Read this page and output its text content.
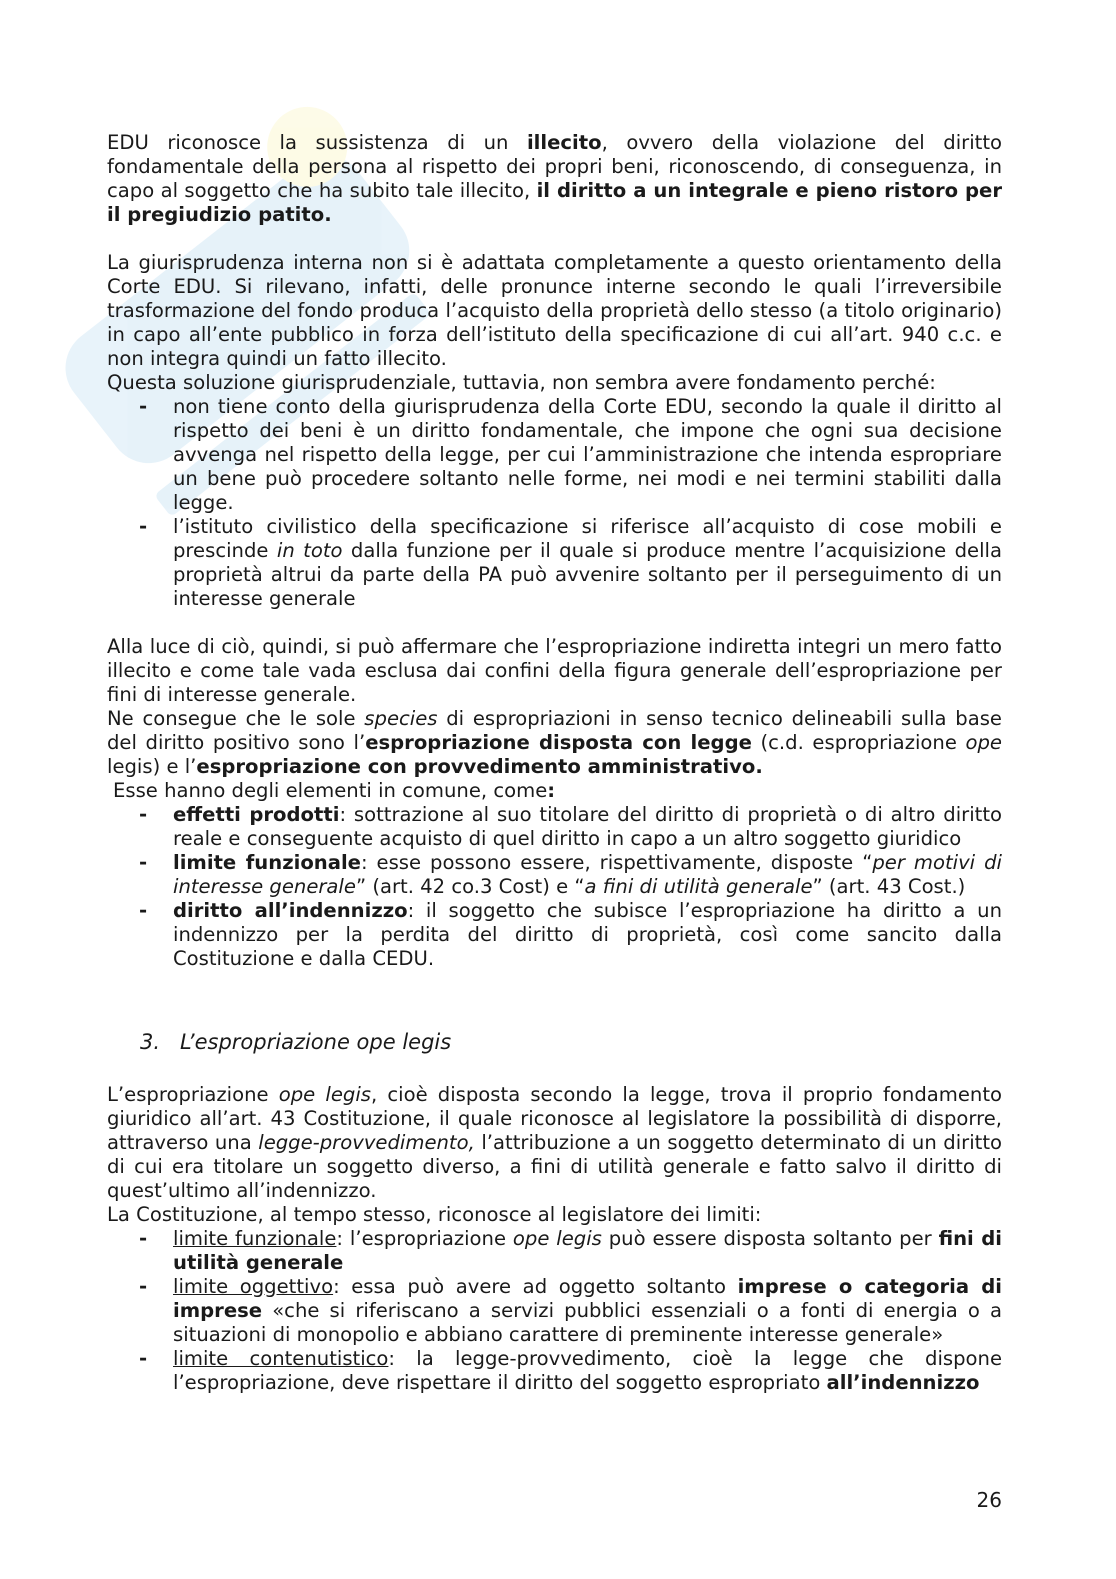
EDU riconosce la sussistenza di un illecito, ovvero della violazione del diritto fondamentale della persona al rispetto dei propri beni, riconoscendo, di conseguenza, in capo al soggetto che ha subito tale illecito, il diritto a un integrale e pieno ristoro per il pregiudizio patito.

La giurisprudenza interna non si è adattata completamente a questo orientamento della Corte EDU. Si rilevano, infatti, delle pronunce interne secondo le quali l’irreversibile trasformazione del fondo produca l’acquisto della proprietà dello stesso (a titolo originario) in capo all’ente pubblico in forza dell’istituto della specificazione di cui all’art. 940 c.c. e non integra quindi un fatto illecito.

Questa soluzione giurisprudenziale, tuttavia, non sembra avere fondamento perché:

- non tiene conto della giurisprudenza della Corte EDU, secondo la quale il diritto al rispetto dei beni è un diritto fondamentale, che impone che ogni sua decisione avvenga nel rispetto della legge, per cui l’amministrazione che intenda espropriare un bene può procedere soltanto nelle forme, nei modi e nei termini stabiliti dalla legge.
- l’istituto civilistico della specificazione si riferisce all’acquisto di cose mobili e prescinde in toto dalla funzione per il quale si produce mentre l’acquisizione della proprietà altrui da parte della PA può avvenire soltanto per il perseguimento di un interesse generale

Alla luce di ciò, quindi, si può affermare che l’espropriazione indiretta integri un mero fatto illecito e come tale vada esclusa dai confini della figura generale dell’espropriazione per fini di interesse generale.

Ne consegue che le sole species di espropriazioni in senso tecnico delineabili sulla base del diritto positivo sono l’espropriazione disposta con legge (c.d. espropriazione ope legis) e l’espropriazione con provvedimento amministrativo.

Esse hanno degli elementi in comune, come:

- effetti prodotti: sottrazione al suo titolare del diritto di proprietà o di altro diritto reale e conseguente acquisto di quel diritto in capo a un altro soggetto giuridico
- limite funzionale: esse possono essere, rispettivamente, disposte “per motivi di interesse generale” (art. 42 co.3 Cost) e “a fini di utilità generale” (art. 43 Cost.)
- diritto all’indennizzo: il soggetto che subisce l’espropriazione ha diritto a un indennizzo per la perdita del diritto di proprietà, così come sancito dalla Costituzione e dalla CEDU.
3. L’espropriazione ope legis

L’espropriazione ope legis, cioè disposta secondo la legge, trova il proprio fondamento giuridico all’art. 43 Costituzione, il quale riconosce al legislatore la possibilità di disporre, attraverso una legge-provvedimento, l’attribuzione a un soggetto determinato di un diritto di cui era titolare un soggetto diverso, a fini di utilità generale e fatto salvo il diritto di quest’ultimo all’indennizzo.

La Costituzione, al tempo stesso, riconosce al legislatore dei limiti:

- limite funzionale: l’espropriazione ope legis può essere disposta soltanto per fini di utilità generale
- limite oggettivo: essa può avere ad oggetto soltanto imprese o categoria di imprese «che si riferiscano a servizi pubblici essenziali o a fonti di energia o a situazioni di monopolio e abbiano carattere di preminente interesse generale»
- limite contenutistico: la legge-provvedimento, cioè la legge che dispone l’espropriazione, deve rispettare il diritto del soggetto espropriato all’indennizzo
26
